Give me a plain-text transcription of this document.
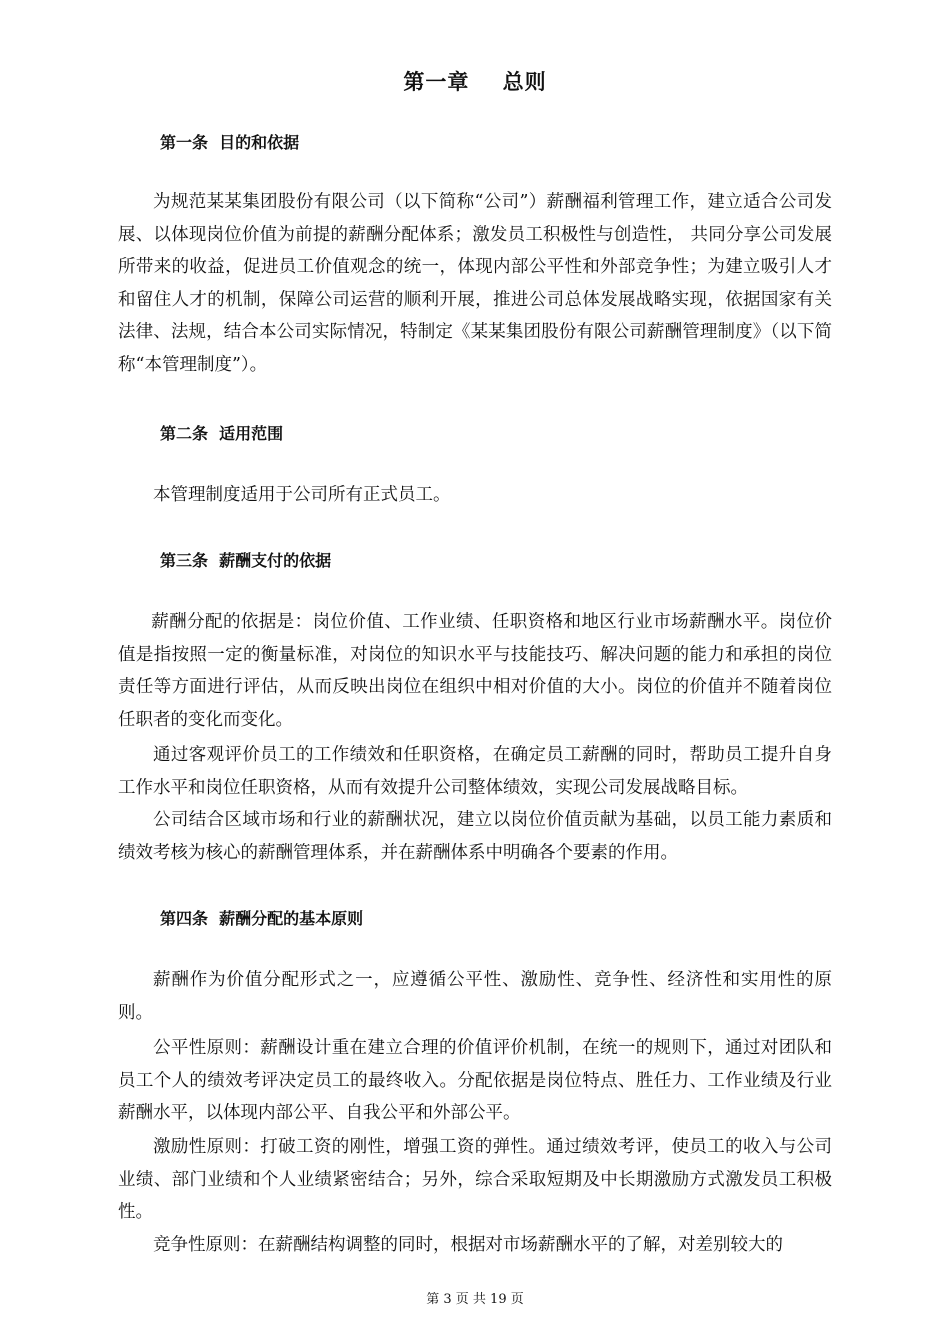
第一章    总则
第一条  目的和依据

为规范某某集团股份有限公司（以下简称“公司”）薪酬福利管理工作，建立适合公司发展、以体现岗位价值为前提的薪酬分配体系；激发员工积极性与创造性， 共同分享公司发展所带来的收益，促进员工价值观念的统一，体现内部公平性和外部竞争性；为建立吸引人才和留住人才的机制，保障公司运营的顺利开展，推进公司总体发展战略实现，依据国家有关法律、法规，结合本公司实际情况，特制定《某某集团股份有限公司薪酬管理制度》（以下简称“本管理制度”）。

第二条  适用范围

本管理制度适用于公司所有正式员工。

第三条  薪酬支付的依据

薪酬分配的依据是：岗位价值、工作业绩、任职资格和地区行业市场薪酬水平。岗位价值是指按照一定的衡量标准，对岗位的知识水平与技能技巧、解决问题的能力和承担的岗位责任等方面进行评估，从而反映出岗位在组织中相对价值的大小。岗位的价值并不随着岗位任职者的变化而变化。

通过客观评价员工的工作绩效和任职资格，在确定员工薪酬的同时，帮助员工提升自身工作水平和岗位任职资格，从而有效提升公司整体绩效，实现公司发展战略目标。

公司结合区域市场和行业的薪酬状况，建立以岗位价值贡献为基础，以员工能力素质和绩效考核为核心的薪酬管理体系，并在薪酬体系中明确各个要素的作用。

第四条  薪酬分配的基本原则

薪酬作为价值分配形式之一，应遵循公平性、激励性、竞争性、经济性和实用性的原则。

公平性原则：薪酬设计重在建立合理的价值评价机制，在统一的规则下，通过对团队和员工个人的绩效考评决定员工的最终收入。分配依据是岗位特点、胜任力、工作业绩及行业薪酬水平，以体现内部公平、自我公平和外部公平。

激励性原则：打破工资的刚性，增强工资的弹性。通过绩效考评，使员工的收入与公司业绩、部门业绩和个人业绩紧密结合；另外，综合采取短期及中长期激励方式激发员工积极性。

竞争性原则：在薪酬结构调整的同时，根据对市场薪酬水平的了解，对差别较大的

第 3 页 共 19 页
